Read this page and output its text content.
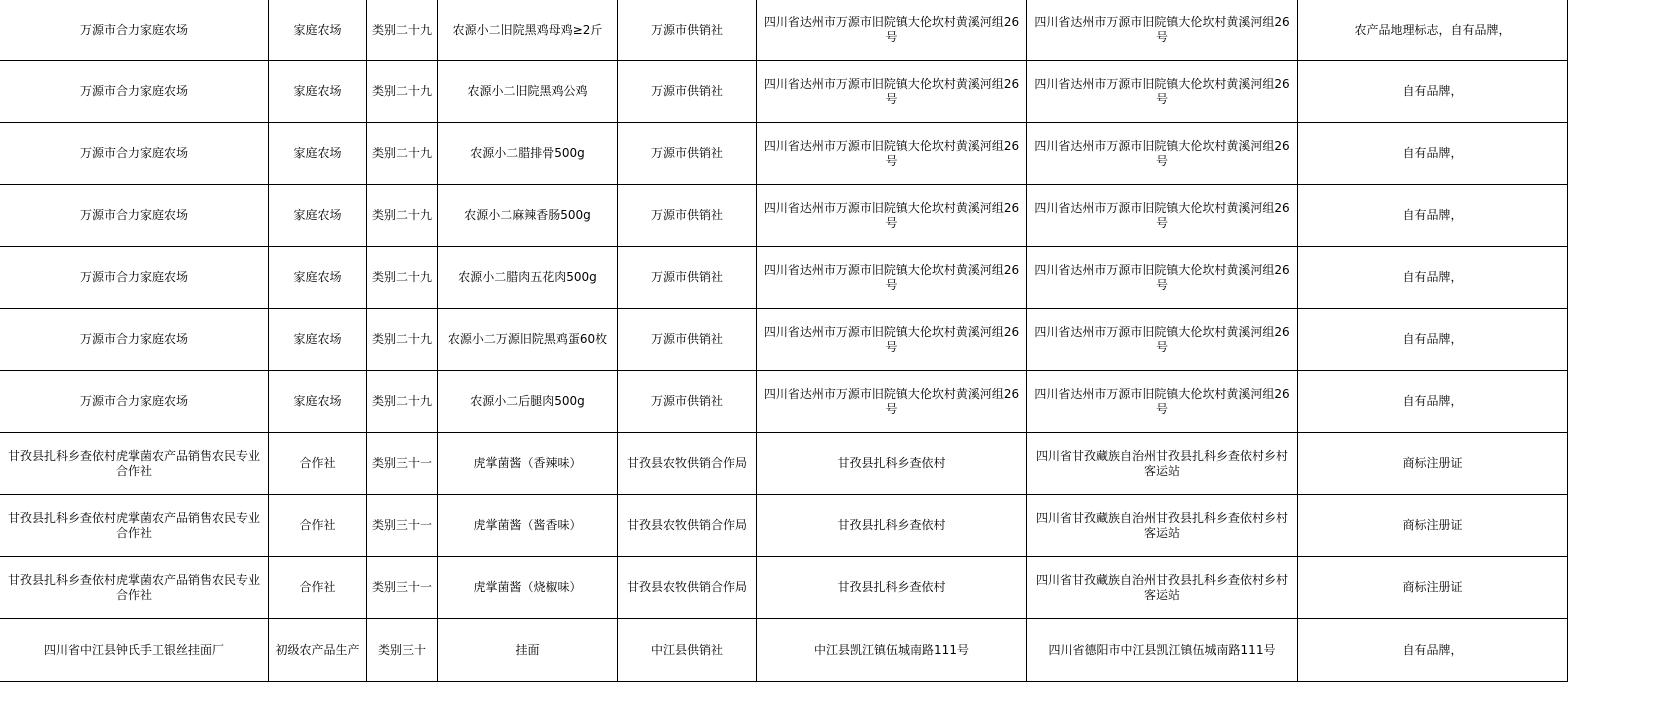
万源市合力家庭农场	家庭农场	类别二十九	农源小二旧院黑鸡母鸡≥2斤	万源市供销社	四川省达州市万源市旧院镇大伦坎村黄溪河组26号	四川省达州市万源市旧院镇大伦坎村黄溪河组26号	农产品地理标志，自有品牌，	
万源市合力家庭农场	家庭农场	类别二十九	农源小二旧院黑鸡公鸡	万源市供销社	四川省达州市万源市旧院镇大伦坎村黄溪河组26号	四川省达州市万源市旧院镇大伦坎村黄溪河组26号	自有品牌，	
万源市合力家庭农场	家庭农场	类别二十九	农源小二腊排骨500g	万源市供销社	四川省达州市万源市旧院镇大伦坎村黄溪河组26号	四川省达州市万源市旧院镇大伦坎村黄溪河组26号	自有品牌，	
万源市合力家庭农场	家庭农场	类别二十九	农源小二麻辣香肠500g	万源市供销社	四川省达州市万源市旧院镇大伦坎村黄溪河组26号	四川省达州市万源市旧院镇大伦坎村黄溪河组26号	自有品牌，	
万源市合力家庭农场	家庭农场	类别二十九	农源小二腊肉五花肉500g	万源市供销社	四川省达州市万源市旧院镇大伦坎村黄溪河组26号	四川省达州市万源市旧院镇大伦坎村黄溪河组26号	自有品牌，	
万源市合力家庭农场	家庭农场	类别二十九	农源小二万源旧院黑鸡蛋60枚	万源市供销社	四川省达州市万源市旧院镇大伦坎村黄溪河组26号	四川省达州市万源市旧院镇大伦坎村黄溪河组26号	自有品牌，	
万源市合力家庭农场	家庭农场	类别二十九	农源小二后腿肉500g	万源市供销社	四川省达州市万源市旧院镇大伦坎村黄溪河组26号	四川省达州市万源市旧院镇大伦坎村黄溪河组26号	自有品牌，	
甘孜县扎科乡查依村虎掌菌农产品销售农民专业合作社	合作社	类别三十一	虎掌菌酱（香辣味）	甘孜县农牧供销合作局	甘孜县扎科乡查依村	四川省甘孜藏族自治州甘孜县扎科乡查依村乡村客运站	商标注册证	
甘孜县扎科乡查依村虎掌菌农产品销售农民专业合作社	合作社	类别三十一	虎掌菌酱（酱香味）	甘孜县农牧供销合作局	甘孜县扎科乡查依村	四川省甘孜藏族自治州甘孜县扎科乡查依村乡村客运站	商标注册证	
甘孜县扎科乡查依村虎掌菌农产品销售农民专业合作社	合作社	类别三十一	虎掌菌酱（烧椒味）	甘孜县农牧供销合作局	甘孜县扎科乡查依村	四川省甘孜藏族自治州甘孜县扎科乡查依村乡村客运站	商标注册证	
四川省中江县钟氏手工银丝挂面厂	初级农产品生产	类别三十	挂面	中江县供销社	中江县凯江镇伍城南路111号	四川省德阳市中江县凯江镇伍城南路111号	自有品牌，	
